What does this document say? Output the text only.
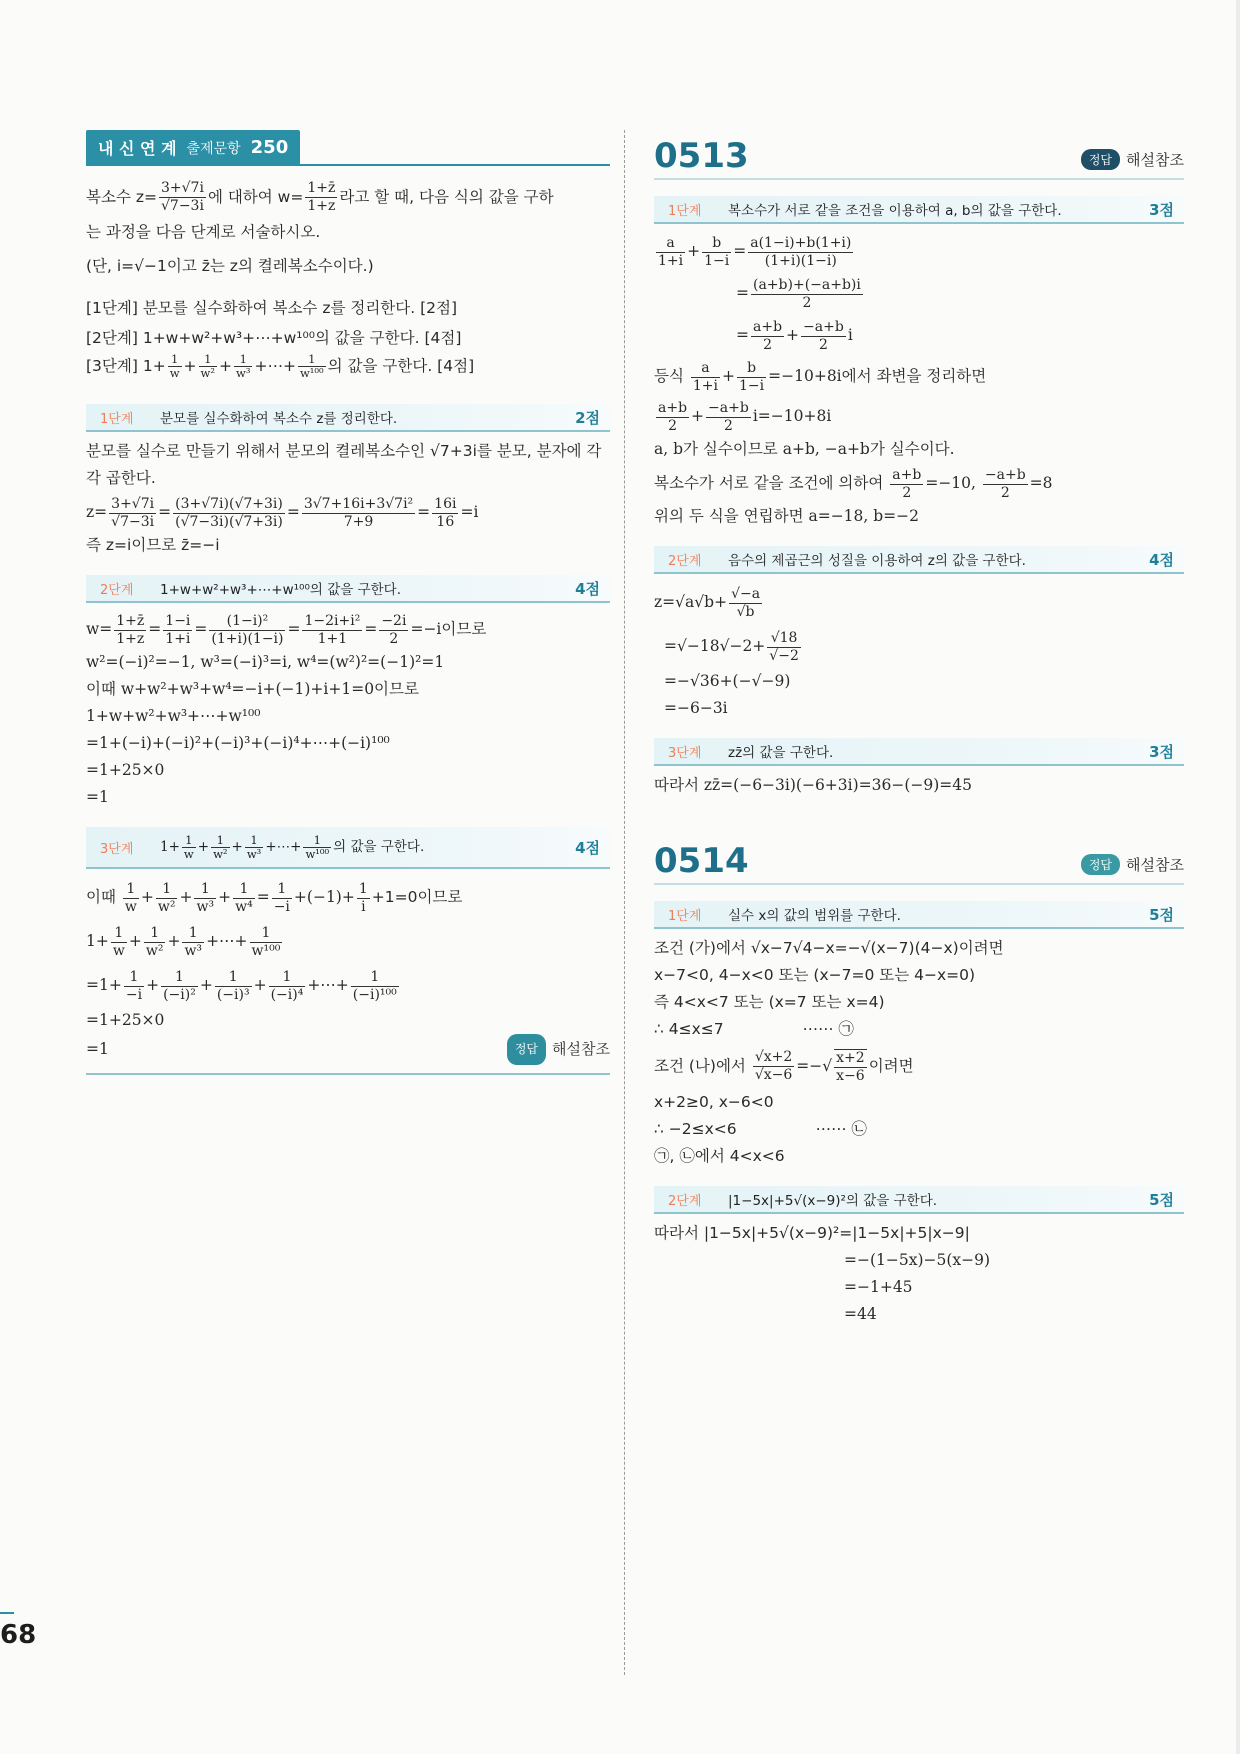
내 신 연 계 출제문항 250

복소수 $z= \frac{3+√7i}{√7-3i}$ 에 대하여 $w= \frac{1+z̄}{1+z}$ 라고 할 때, 다음 식의 값을 구하

는 과정을 다음 단계로 서술하시오.

(단, i=√−1이고 z̄는 z의 켤레복소수이다.)

[1단계] 분모를 실수화하여 복소수 z를 정리한다. [2점]

[2단계] 1+w+w²+w³+⋯+w¹⁰⁰의 값을 구한다. [4점]

[3단계] $1+ \frac{1}{w} + \frac{1}{\text{w²}} + \frac{1}{\text{w³}}$ +⋯+ $\frac{1}{\text{w¹⁰⁰}}$ 의 값을 구한다. [4점]

1단계	분모를 실수화하여 복소수 z를 정리한다.	2점

분모를 실수로 만들기 위해서 분모의 켤레복소수인 √7+3i를 분모, 분자에 각각 곱한다.

$z= \frac{3+√7i}{√7-3i} = \frac{(3+√7i)(√7+3i)}{(√7-3i)(√7+3i)} = \frac{\text{3√7+16i+3√7i²}}{7+9} = \frac{16i}{16} =i$

즉 z=i이므로 z̄=−i

2단계	1+w+w²+w³+⋯+w¹⁰⁰의 값을 구한다.	4점

$w= \frac{1+z̄}{1+z} = \frac{1-i}{1+i} = \frac{\text{(1−i)²}}{(1+i)(1-i)} = \frac{\text{1−2i+i²}}{1+1} = \frac{-2i}{2} =-i$이므로

w²=(−i)²=−1, w³=(−i)³=i, w⁴=(w²)²=(−1)²=1

이때 w+w²+w³+w⁴=−i+(−1)+i+1=0이므로

1+w+w²+w³+⋯+w¹⁰⁰

=1+(−i)+(−i)²+(−i)³+(−i)⁴+⋯+(−i)¹⁰⁰

=1+25×0

=1

3단계	$1+ \frac{1}{w} + \frac{1}{\text{w²}} + \frac{1}{\text{w³}}$ +⋯+ $\frac{1}{\text{w¹⁰⁰}}$ 의 값을 구한다.	4점

이때 $\frac{1}{w} + \frac{1}{\text{w²}} + \frac{1}{\text{w³}} + \frac{1}{\text{w⁴}} = \frac{1}{-i} +(-1)+ \frac{1}{i} +1=0$이므로

$1+ \frac{1}{w} + \frac{1}{\text{w²}} + \frac{1}{\text{w³}}$ +⋯+ $\frac{1}{\text{w¹⁰⁰}}$

$=1+ \frac{1}{-i} + \frac{1}{\text{(−i)²}} + \frac{1}{\text{(−i)³}} + \frac{1}{\text{(−i)⁴}}$ +⋯+ $\frac{1}{\text{(−i)¹⁰⁰}}$

=1+25×0

=1	정답 해설참조
0513	정답 해설참조
1단계	복소수가 서로 같을 조건을 이용하여 a, b의 값을 구한다.	3점

$\frac{a}{1+i} + \frac{b}{1-i} = \frac{a(1-i)+b(1+i)}{(1+i)(1-i)}$

= $\frac{(a+b)+(-a+b)i}{2}$

= $\frac{a+b}{2} + \frac{-a+b}{2}$ i

등식 $\frac{a}{1+i} + \frac{b}{1-i} =-10+8i$에서 좌변을 정리하면

$\frac{a+b}{2} + \frac{-a+b}{2} i=-10+8i$

a, b가 실수이므로 a+b, −a+b가 실수이다.

복소수가 서로 같을 조건에 의하여 $\frac{a+b}{2} =-10$, $\frac{-a+b}{2} =8$

위의 두 식을 연립하면 a=−18, b=−2

2단계	음수의 제곱근의 성질을 이용하여 z의 값을 구한다.	4점

$z=√a√b+ \frac{√-a}{√b}$

$=√-18√-2+ \frac{√18}{√-2}$

=−√36+(−√−9)

=−6−3i

3단계	zz̄의 값을 구한다.	3점

따라서 zz̄=(−6−3i)(−6+3i)=36−(−9)=45

0514	정답 해설참조
1단계	실수 x의 값의 범위를 구한다.	5점

조건 (가)에서 √x−7√4−x=−√(x−7)(4−x)이려면

x−7<0, 4−x<0 또는 (x−7=0 또는 4−x=0)

즉 4<x<7 또는 (x=7 또는 x=4)

∴ 4≤x≤7                ⋯⋯ ㉠

조건 (나)에서 $\frac{√x+2}{√x-6}$ =−√ $\frac{x+2}{x-6}$ 이려면

x+2≥0, x−6<0

∴ −2≤x<6                ⋯⋯ ㉡

㉠, ㉡에서 4<x<6

2단계	|1−5x|+5√(x−9)²의 값을 구한다.	5점

따라서 |1−5x|+5√(x−9)²=|1−5x|+5|x−9|

=−(1−5x)−5(x−9)

=−1+45

=44

68
